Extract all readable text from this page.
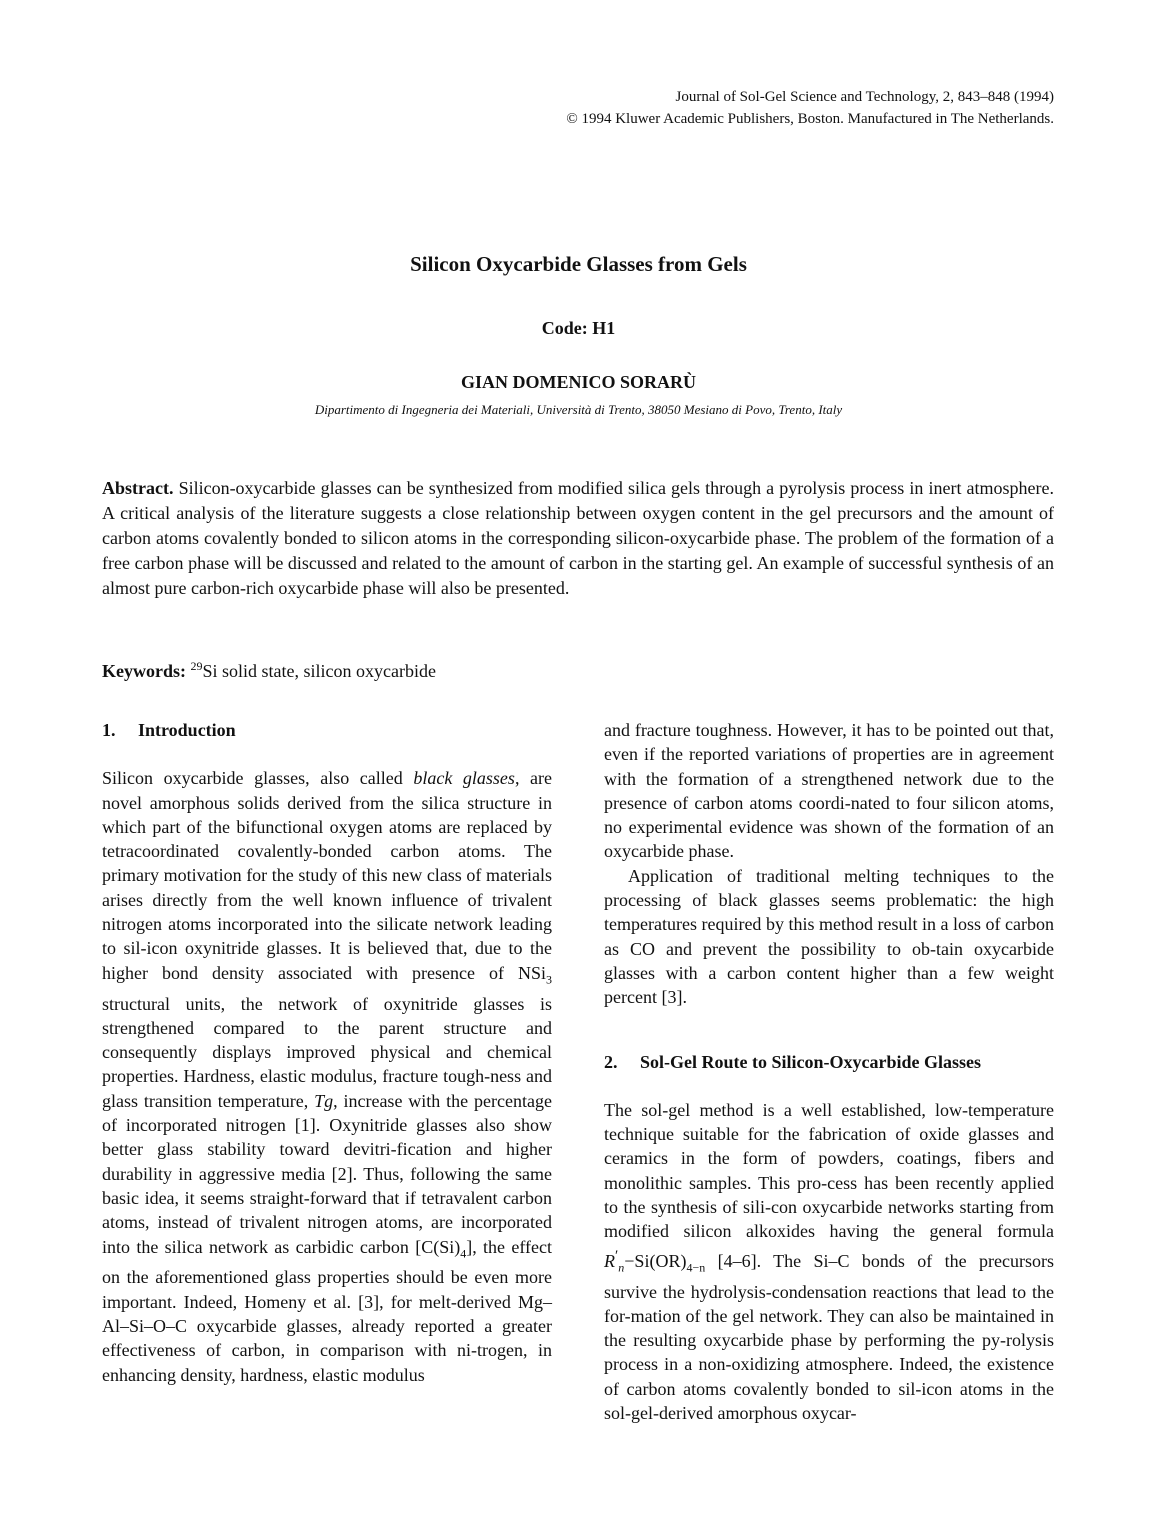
Journal of Sol-Gel Science and Technology, 2, 843–848 (1994)
© 1994 Kluwer Academic Publishers, Boston. Manufactured in The Netherlands.
Silicon Oxycarbide Glasses from Gels
Code: H1
GIAN DOMENICO SORARÙ
Dipartimento di Ingegneria dei Materiali, Università di Trento, 38050 Mesiano di Povo, Trento, Italy
Abstract. Silicon-oxycarbide glasses can be synthesized from modified silica gels through a pyrolysis process in inert atmosphere. A critical analysis of the literature suggests a close relationship between oxygen content in the gel precursors and the amount of carbon atoms covalently bonded to silicon atoms in the corresponding silicon-oxycarbide phase. The problem of the formation of a free carbon phase will be discussed and related to the amount of carbon in the starting gel. An example of successful synthesis of an almost pure carbon-rich oxycarbide phase will also be presented.
Keywords: $^{29}$Si solid state, silicon oxycarbide
1. Introduction

Silicon oxycarbide glasses, also called black glasses, are novel amorphous solids derived from the silica structure in which part of the bifunctional oxygen atoms are replaced by tetracoordinated covalently-bonded carbon atoms. The primary motivation for the study of this new class of materials arises directly from the well known influence of trivalent nitrogen atoms incorporated into the silicate network leading to sil-icon oxynitride glasses. It is believed that, due to the higher bond density associated with presence of NSi$_3$ structural units, the network of oxynitride glasses is strengthened compared to the parent structure and consequently displays improved physical and chemical properties. Hardness, elastic modulus, fracture tough-ness and glass transition temperature, Tg, increase with the percentage of incorporated nitrogen [1]. Oxynitride glasses also show better glass stability toward devitri-fication and higher durability in aggressive media [2]. Thus, following the same basic idea, it seems straight-forward that if tetravalent carbon atoms, instead of trivalent nitrogen atoms, are incorporated into the silica network as carbidic carbon $[C(Si)_4]$, the effect on the aforementioned glass properties should be even more important. Indeed, Homeny et al. [3], for melt-derived Mg–Al–Si–O–C oxycarbide glasses, already reported a greater effectiveness of carbon, in comparison with ni-trogen, in enhancing density, hardness, elastic modulus

and fracture toughness. However, it has to be pointed out that, even if the reported variations of properties are in agreement with the formation of a strengthened network due to the presence of carbon atoms coordi-nated to four silicon atoms, no experimental evidence was shown of the formation of an oxycarbide phase.

Application of traditional melting techniques to the processing of black glasses seems problematic: the high temperatures required by this method result in a loss of carbon as CO and prevent the possibility to ob-tain oxycarbide glasses with a carbon content higher than a few weight percent [3].

2. Sol-Gel Route to Silicon-Oxycarbide Glasses

The sol-gel method is a well established, low-temperature technique suitable for the fabrication of oxide glasses and ceramics in the form of powders, coatings, fibers and monolithic samples. This pro-cess has been recently applied to the synthesis of sili-con oxycarbide networks starting from modified silicon alkoxides having the general formula $R'_n-Si(OR)_{4-n}$ [4–6]. The Si–C bonds of the precursors survive the hydrolysis-condensation reactions that lead to the for-mation of the gel network. They can also be maintained in the resulting oxycarbide phase by performing the py-rolysis process in a non-oxidizing atmosphere. Indeed, the existence of carbon atoms covalently bonded to sil-icon atoms in the sol-gel-derived amorphous oxycar-
